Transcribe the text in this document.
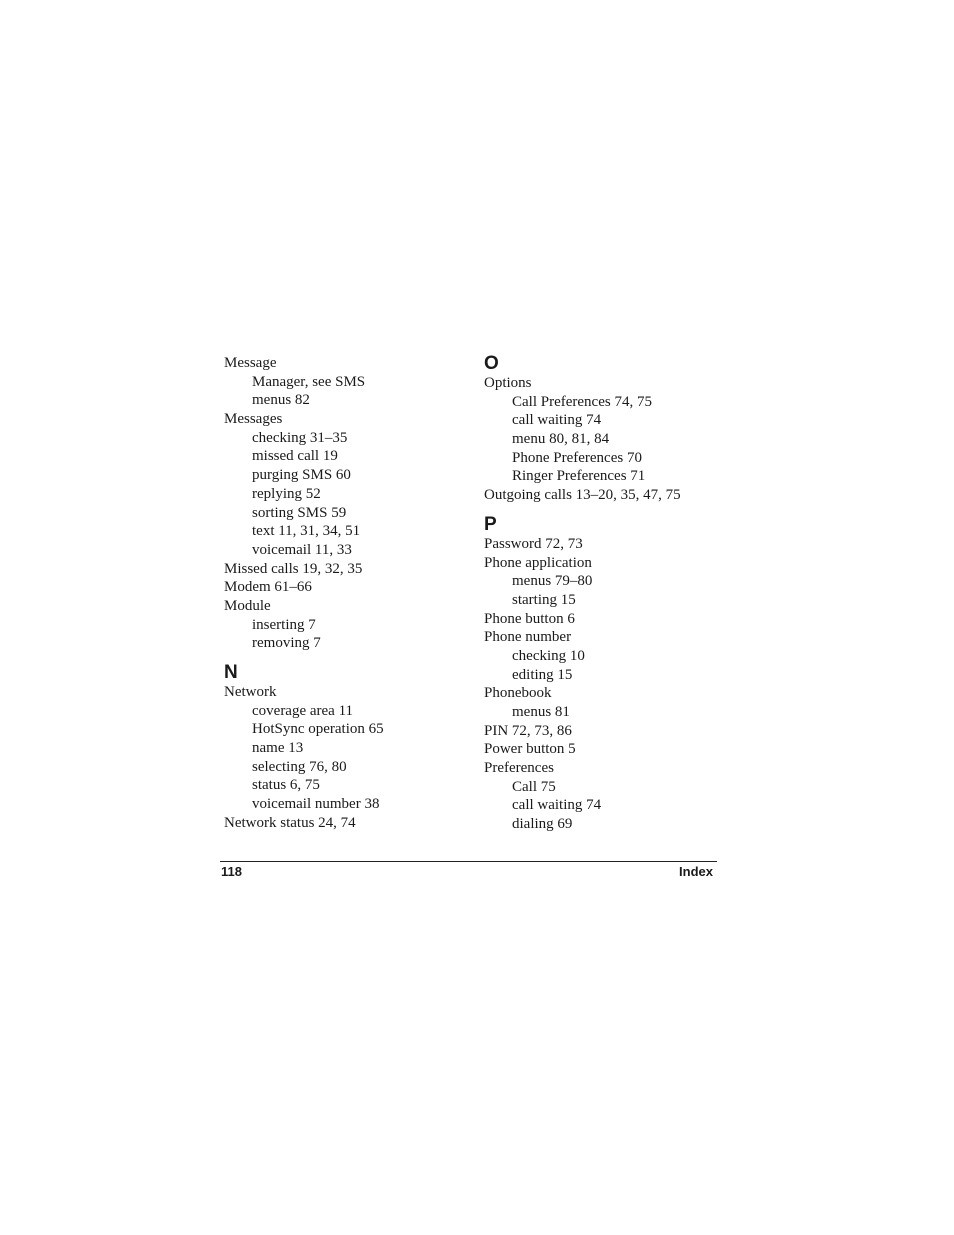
Message
Manager, see SMS
menus 82
Messages
checking 31–35
missed call 19
purging SMS 60
replying 52
sorting SMS 59
text 11, 31, 34, 51
voicemail 11, 33
Missed calls 19, 32, 35
Modem 61–66
Module
inserting 7
removing 7
N
Network
coverage area 11
HotSync operation 65
name 13
selecting 76, 80
status 6, 75
voicemail number 38
Network status 24, 74
O
Options
Call Preferences 74, 75
call waiting 74
menu 80, 81, 84
Phone Preferences 70
Ringer Preferences 71
Outgoing calls 13–20, 35, 47, 75
P
Password 72, 73
Phone application
menus 79–80
starting 15
Phone button 6
Phone number
checking 10
editing 15
Phonebook
menus 81
PIN 72, 73, 86
Power button 5
Preferences
Call 75
call waiting 74
dialing 69
118	Index
